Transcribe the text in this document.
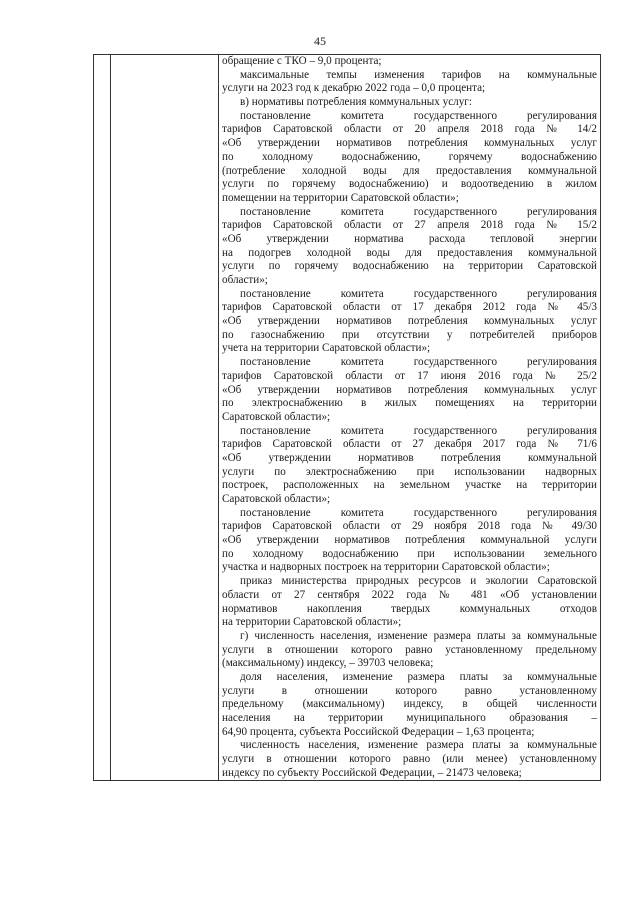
45

обращение с ТКО – 9,0 процента;
максимальные темпы изменения тарифов на коммунальные
услуги на 2023 год к декабрю 2022 года – 0,0 процента;
в) нормативы потребления коммунальных услуг:
постановление комитета государственного регулирования
тарифов Саратовской области от 20 апреля 2018 года № 14/2
«Об утверждении нормативов потребления коммунальных услуг
по холодному водоснабжению, горячему водоснабжению
(потребление холодной воды для предоставления коммунальной
услуги по горячему водоснабжению) и водоотведению в жилом
помещении на территории Саратовской области»;
постановление комитета государственного регулирования
тарифов Саратовской области от 27 апреля 2018 года № 15/2
«Об утверждении норматива расхода тепловой энергии
на подогрев холодной воды для предоставления коммунальной
услуги по горячему водоснабжению на территории Саратовской
области»;
постановление комитета государственного регулирования
тарифов Саратовской области от 17 декабря 2012 года № 45/3
«Об утверждении нормативов потребления коммунальных услуг
по газоснабжению при отсутствии у потребителей приборов
учета на территории Саратовской области»;
постановление комитета государственного регулирования
тарифов Саратовской области от 17 июня 2016 года № 25/2
«Об утверждении нормативов потребления коммунальных услуг
по электроснабжению в жилых помещениях на территории
Саратовской области»;
постановление комитета государственного регулирования
тарифов Саратовской области от 27 декабря 2017 года № 71/6
«Об утверждении нормативов потребления коммунальной
услуги по электроснабжению при использовании надворных
построек, расположенных на земельном участке на территории
Саратовской области»;
постановление комитета государственного регулирования
тарифов Саратовской области от 29 ноября 2018 года № 49/30
«Об утверждении нормативов потребления коммунальной услуги
по холодному водоснабжению при использовании земельного
участка и надворных построек на территории Саратовской области»;
приказ министерства природных ресурсов и экологии Саратовской
области от 27 сентября 2022 года № 481 «Об установлении
нормативов накопления твердых коммунальных отходов
на территории Саратовской области»;
г) численность населения, изменение размера платы за коммунальные
услуги в отношении которого равно установленному предельному
(максимальному) индексу, – 39703 человека;
доля населения, изменение размера платы за коммунальные
услуги в отношении которого равно установленному
предельному (максимальному) индексу, в общей численности
населения на территории муниципального образования –
64,90 процента, субъекта Российской Федерации – 1,63 процента;
численность населения, изменение размера платы за коммунальные
услуги в отношении которого равно (или менее) установленному
индексу по субъекту Российской Федерации, – 21473 человека;
